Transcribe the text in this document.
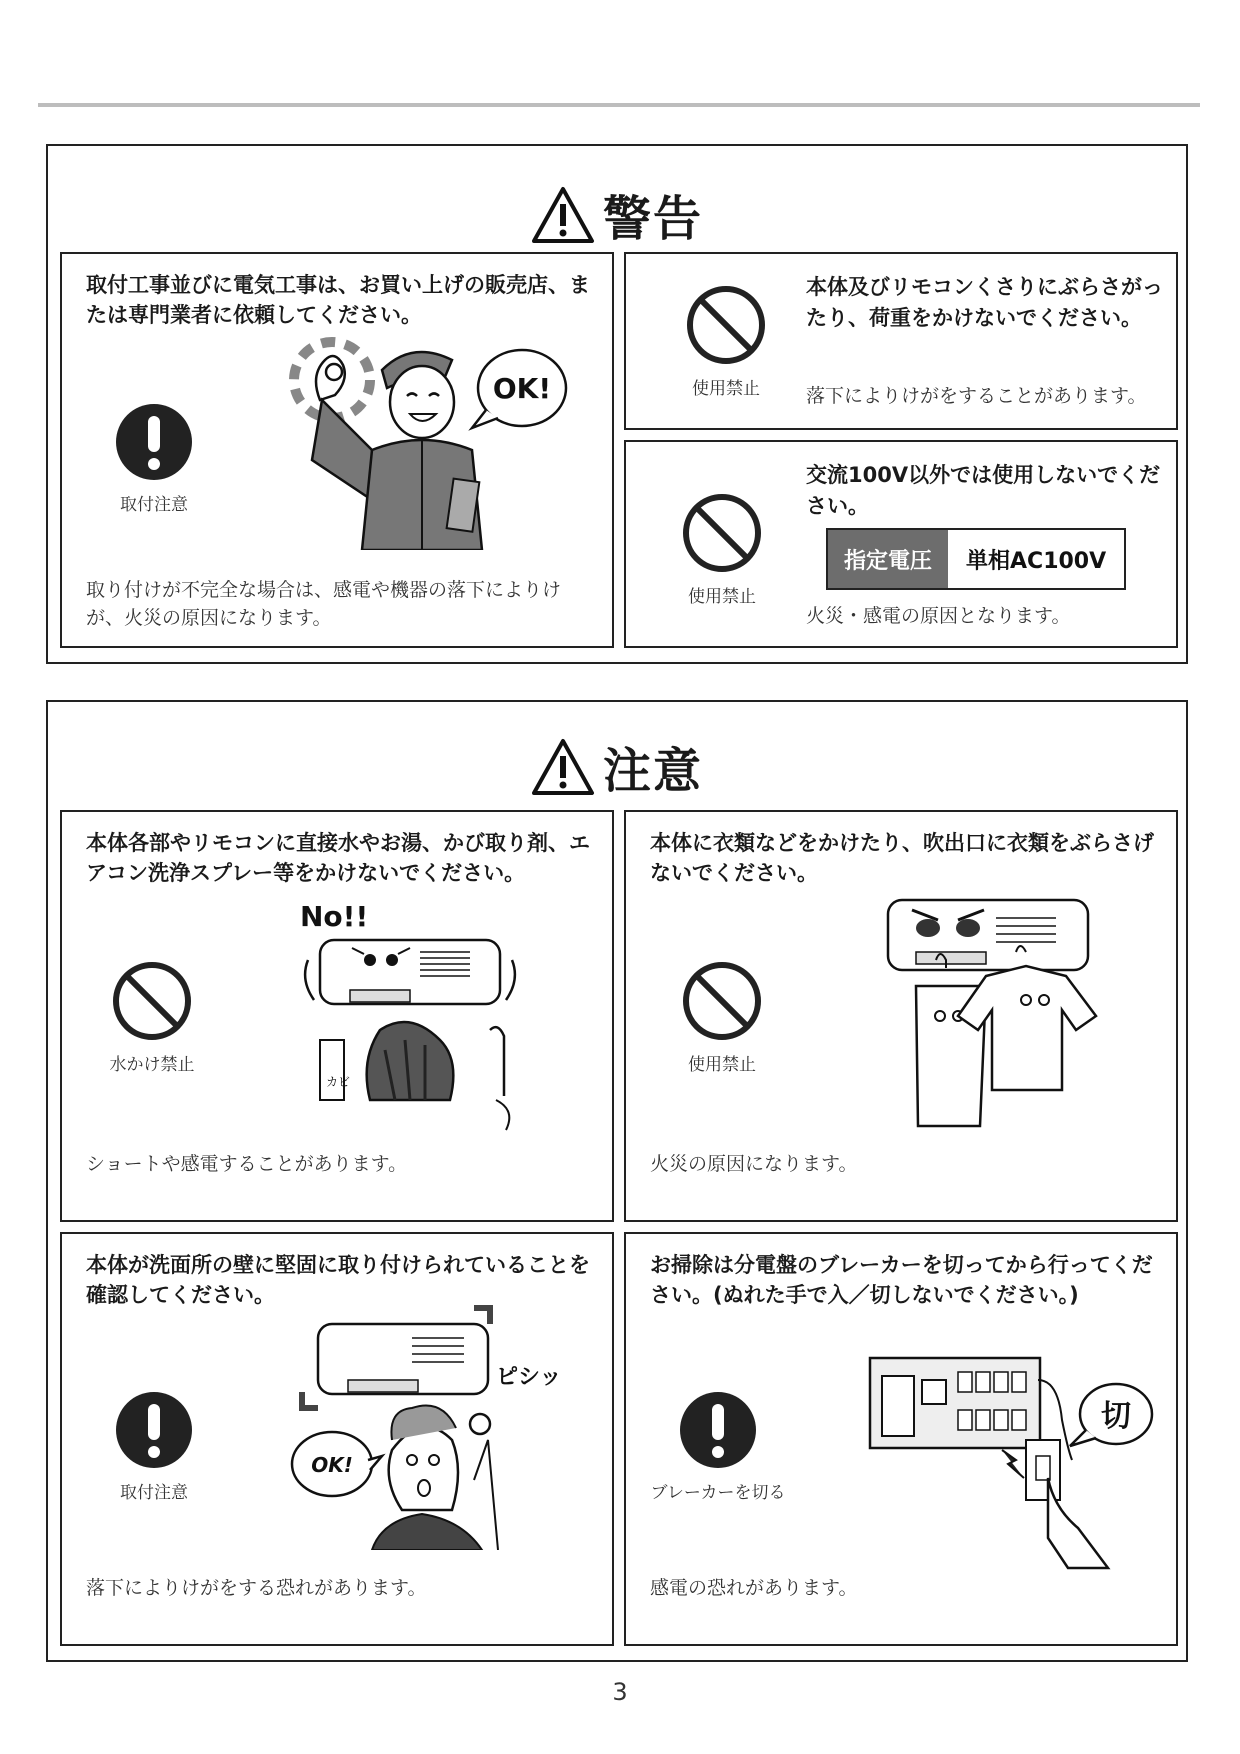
警告
取付工事並びに電気工事は、お買い上げの販売店、または専門業者に依頼してください。
取付注意
OK!
取り付けが不完全な場合は、感電や機器の落下によりけが、火災の原因になります。
使用禁止
本体及びリモコンくさりにぶらさがったり、荷重をかけないでください。
落下によりけがをすることがあります。
使用禁止
交流100V以外では使用しないでください。
指定電圧	単相AC100V
火災・感電の原因となります。
注意
本体各部やリモコンに直接水やお湯、かび取り剤、エアコン洗浄スプレー等をかけないでください。
水かけ禁止
No!!
カビ
ショートや感電することがあります。
本体に衣類などをかけたり、吹出口に衣類をぶらさげないでください。
使用禁止
火災の原因になります。
本体が洗面所の壁に堅固に取り付けられていることを確認してください。
取付注意
ピシッ
OK!
落下によりけがをする恐れがあります。
お掃除は分電盤のブレーカーを切ってから行ってください。(ぬれた手で入／切しないでください。)
ブレーカーを切る
切
感電の恐れがあります。
3
